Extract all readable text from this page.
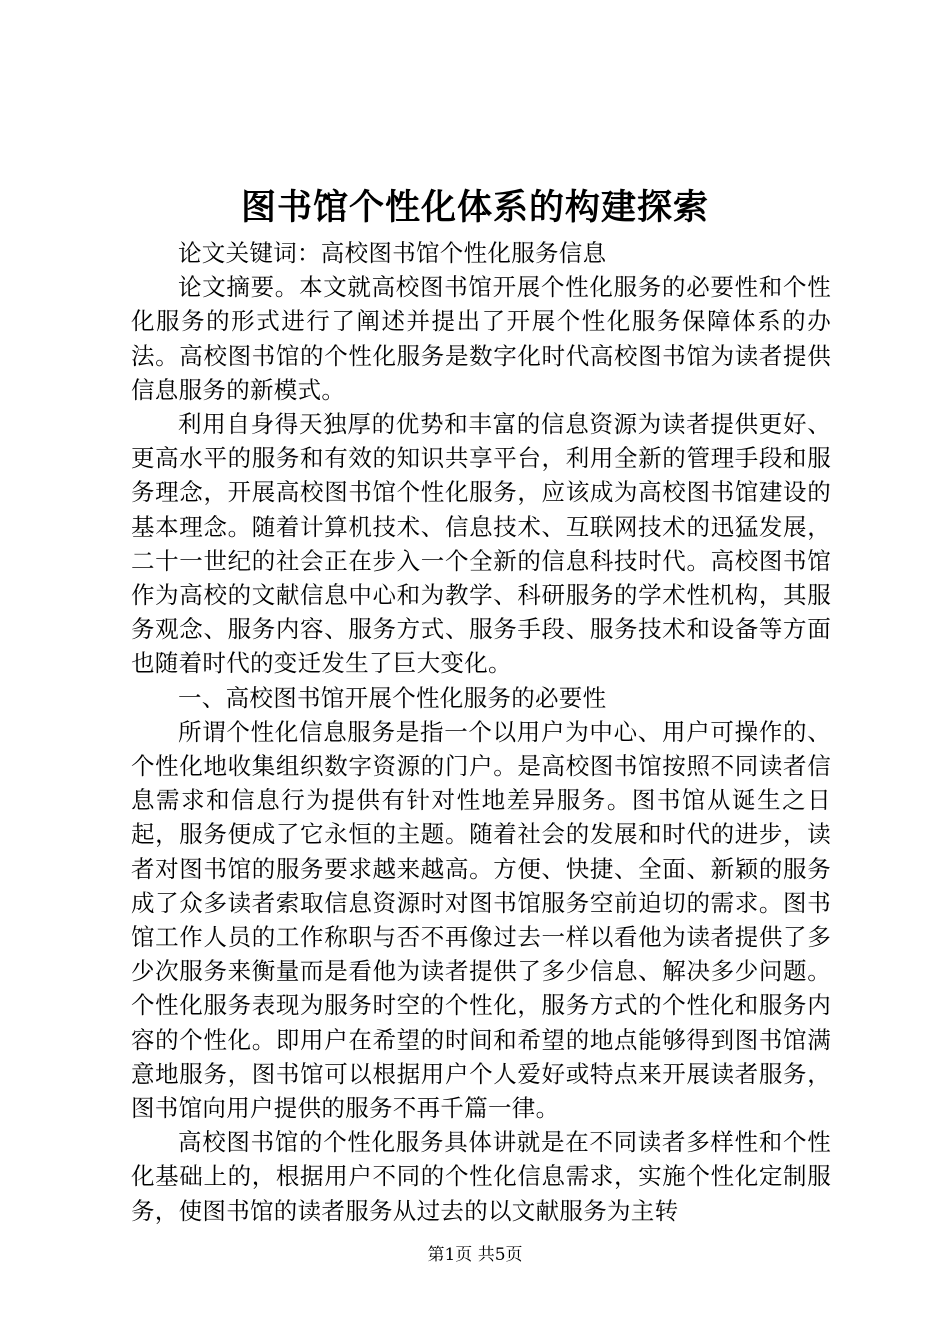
图书馆个性化体系的构建探索

论文关键词：高校图书馆个性化服务信息

论文摘要。本文就高校图书馆开展个性化服务的必要性和个性化服务的形式进行了阐述并提出了开展个性化服务保障体系的办法。高校图书馆的个性化服务是数字化时代高校图书馆为读者提供信息服务的新模式。

利用自身得天独厚的优势和丰富的信息资源为读者提供更好、更高水平的服务和有效的知识共享平台，利用全新的管理手段和服务理念，开展高校图书馆个性化服务，应该成为高校图书馆建设的基本理念。随着计算机技术、信息技术、互联网技术的迅猛发展，二十一世纪的社会正在步入一个全新的信息科技时代。高校图书馆作为高校的文献信息中心和为教学、科研服务的学术性机构，其服务观念、服务内容、服务方式、服务手段、服务技术和设备等方面也随着时代的变迁发生了巨大变化。

一、高校图书馆开展个性化服务的必要性

所谓个性化信息服务是指一个以用户为中心、用户可操作的、个性化地收集组织数字资源的门户。是高校图书馆按照不同读者信息需求和信息行为提供有针对性地差异服务。图书馆从诞生之日起，服务便成了它永恒的主题。随着社会的发展和时代的进步，读者对图书馆的服务要求越来越高。方便、快捷、全面、新颖的服务成了众多读者索取信息资源时对图书馆服务空前迫切的需求。图书馆工作人员的工作称职与否不再像过去一样以看他为读者提供了多少次服务来衡量而是看他为读者提供了多少信息、解决多少问题。个性化服务表现为服务时空的个性化，服务方式的个性化和服务内容的个性化。即用户在希望的时间和希望的地点能够得到图书馆满意地服务，图书馆可以根据用户个人爱好或特点来开展读者服务，图书馆向用户提供的服务不再千篇一律。

高校图书馆的个性化服务具体讲就是在不同读者多样性和个性化基础上的，根据用户不同的个性化信息需求，实施个性化定制服务，使图书馆的读者服务从过去的以文献服务为主转

第1页 共5页
